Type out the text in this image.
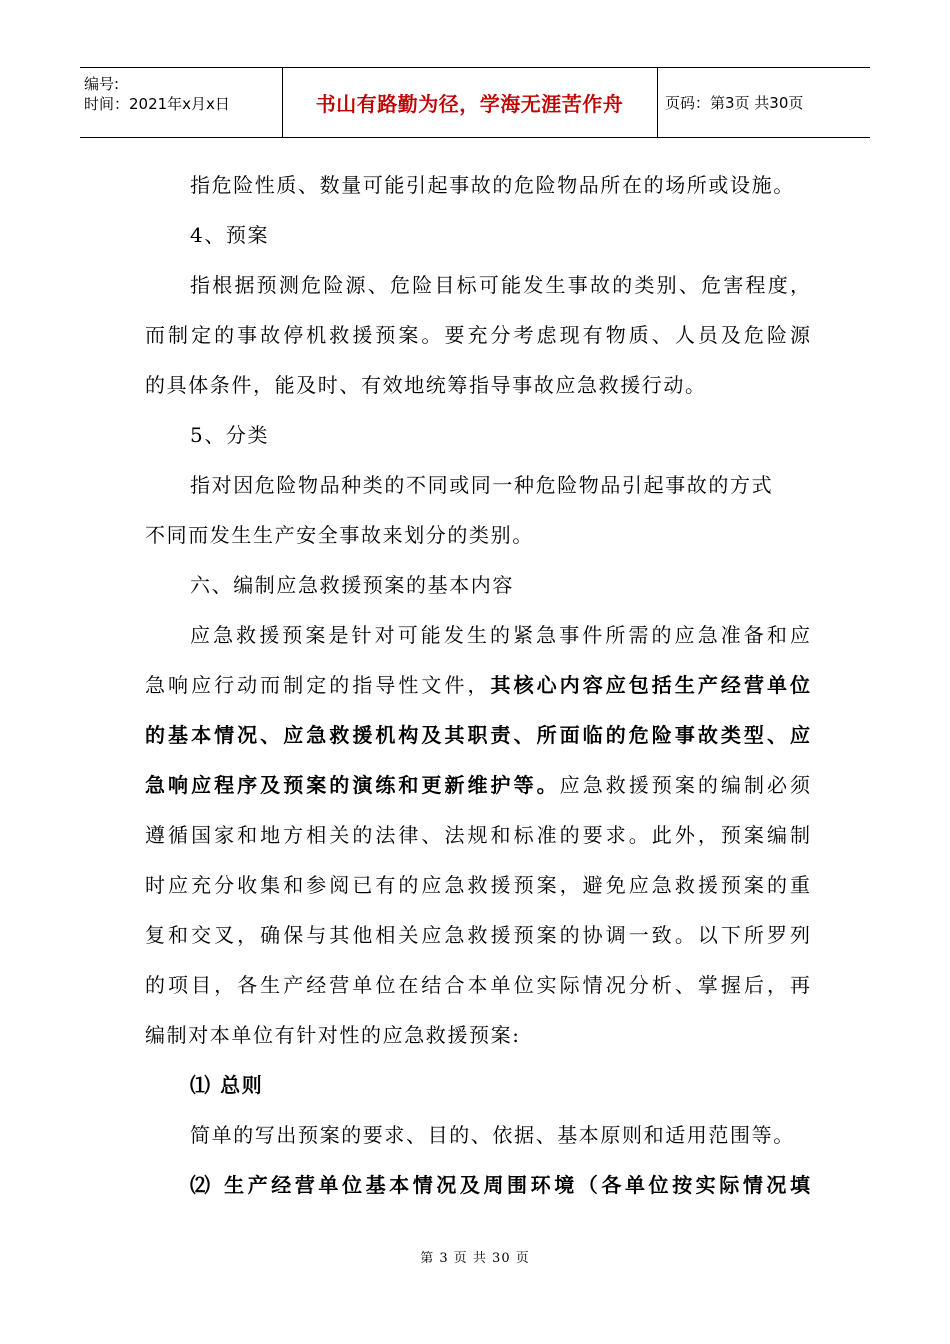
编号:
时间：2021年x月x日	书山有路勤为径，学海无涯苦作舟	页码：第3页 共30页
指危险性质、数量可能引起事故的危险物品所在的场所或设施。
4、预案
指根据预测危险源、危险目标可能发生事故的类别、危害程度，
而制定的事故停机救援预案。要充分考虑现有物质、人员及危险源
的具体条件，能及时、有效地统筹指导事故应急救援行动。
5、分类
指对因危险物品种类的不同或同一种危险物品引起事故的方式
不同而发生生产安全事故来划分的类别。
六、编制应急救援预案的基本内容
应急救援预案是针对可能发生的紧急事件所需的应急准备和应
急响应行动而制定的指导性文件，其核心内容应包括生产经营单位
的基本情况、应急救援机构及其职责、所面临的危险事故类型、应
急响应程序及预案的演练和更新维护等。应急救援预案的编制必须
遵循国家和地方相关的法律、法规和标准的要求。此外，预案编制
时应充分收集和参阅已有的应急救援预案，避免应急救援预案的重
复和交叉，确保与其他相关应急救援预案的协调一致。以下所罗列
的项目，各生产经营单位在结合本单位实际情况分析、掌握后，再
编制对本单位有针对性的应急救援预案:
⑴ 总则
简单的写出预案的要求、目的、依据、基本原则和适用范围等。
⑵ 生产经营单位基本情况及周围环境（各单位按实际情况填
第 3 页 共 30 页
